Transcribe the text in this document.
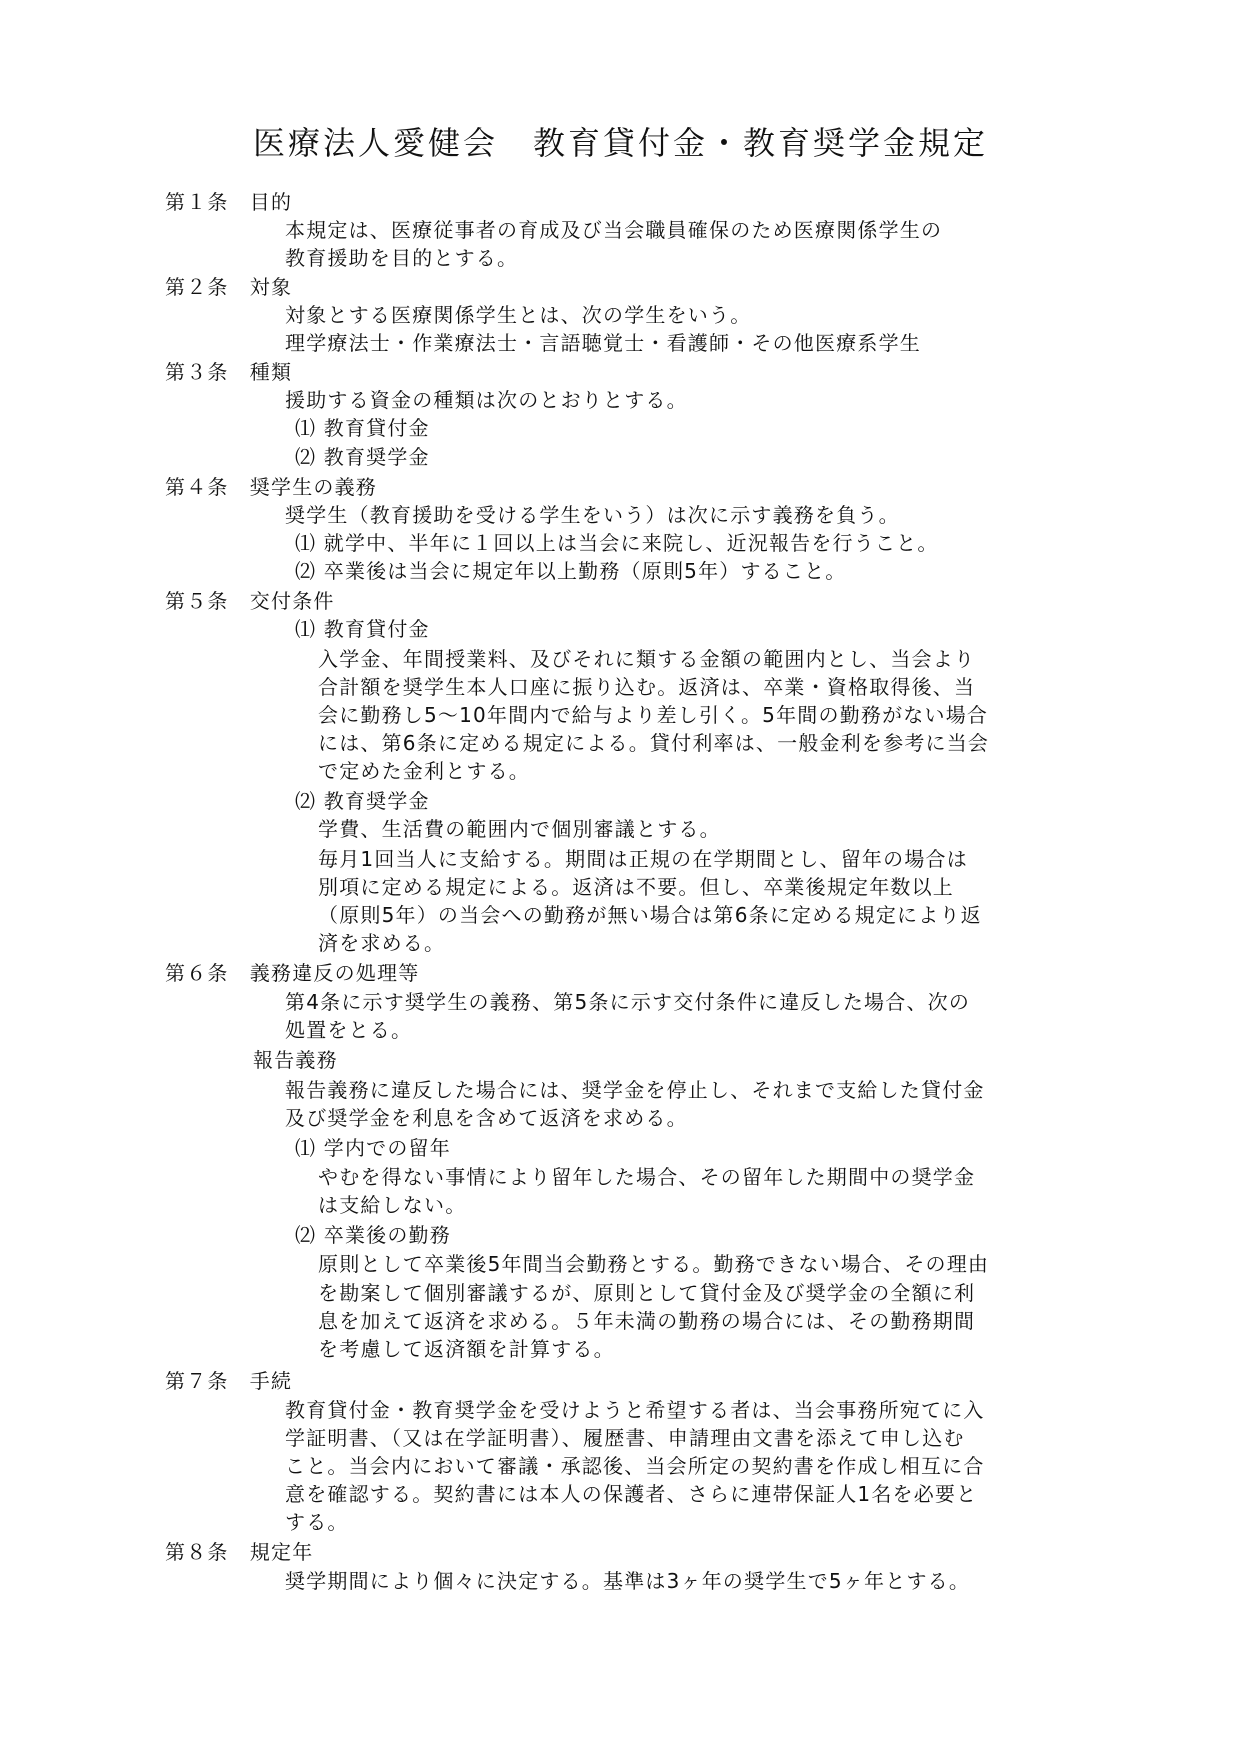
医療法人愛健会　教育貸付金・教育奨学金規定

第１条　目的

本規定は、医療従事者の育成及び当会職員確保のため医療関係学生の

教育援助を目的とする。

第２条　対象

対象とする医療関係学生とは、次の学生をいう。

理学療法士・作業療法士・言語聴覚士・看護師・その他医療系学生

第３条　種類

援助する資金の種類は次のとおりとする。

⑴ 教育貸付金

⑵ 教育奨学金

第４条　奨学生の義務

奨学生（教育援助を受ける学生をいう）は次に示す義務を負う。

⑴ 就学中、半年に１回以上は当会に来院し、近況報告を行うこと。

⑵ 卒業後は当会に規定年以上勤務（原則5年）すること。

第５条　交付条件

⑴ 教育貸付金

入学金、年間授業料、及びそれに類する金額の範囲内とし、当会より

合計額を奨学生本人口座に振り込む。返済は、卒業・資格取得後、当

会に勤務し5～10年間内で給与より差し引く。5年間の勤務がない場合

には、第6条に定める規定による。貸付利率は、一般金利を参考に当会

で定めた金利とする。

⑵ 教育奨学金

学費、生活費の範囲内で個別審議とする。

毎月1回当人に支給する。期間は正規の在学期間とし、留年の場合は

別項に定める規定による。返済は不要。但し、卒業後規定年数以上

（原則5年）の当会への勤務が無い場合は第6条に定める規定により返

済を求める。

第６条　義務違反の処理等

第4条に示す奨学生の義務、第5条に示す交付条件に違反した場合、次の

処置をとる。

報告義務

報告義務に違反した場合には、奨学金を停止し、それまで支給した貸付金

及び奨学金を利息を含めて返済を求める。

⑴ 学内での留年

やむを得ない事情により留年した場合、その留年した期間中の奨学金

は支給しない。

⑵ 卒業後の勤務

原則として卒業後5年間当会勤務とする。勤務できない場合、その理由

を勘案して個別審議するが、原則として貸付金及び奨学金の全額に利

息を加えて返済を求める。５年未満の勤務の場合には、その勤務期間

を考慮して返済額を計算する。

第７条　手続

教育貸付金・教育奨学金を受けようと希望する者は、当会事務所宛てに入

学証明書、（又は在学証明書）、履歴書、申請理由文書を添えて申し込む

こと。当会内において審議・承認後、当会所定の契約書を作成し相互に合

意を確認する。契約書には本人の保護者、さらに連帯保証人1名を必要と

する。

第８条　規定年

奨学期間により個々に決定する。基準は3ヶ年の奨学生で5ヶ年とする。
